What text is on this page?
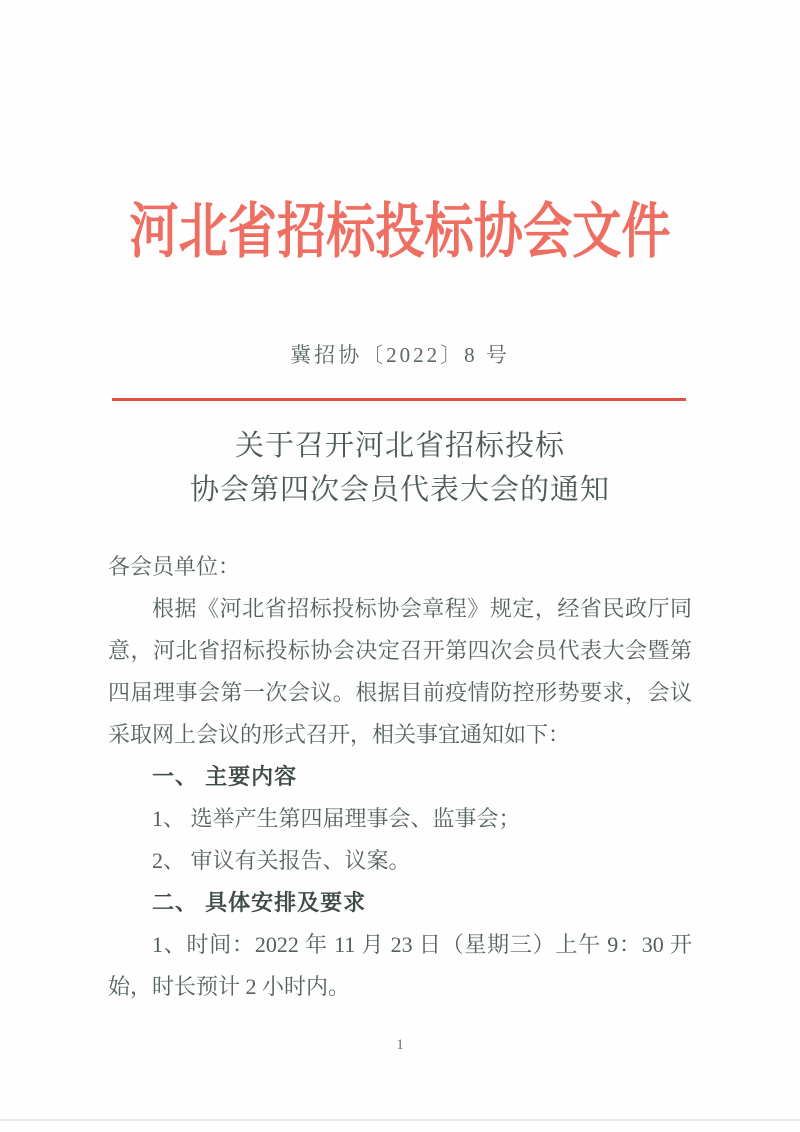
河北省招标投标协会文件
冀招协〔2022〕8 号
关于召开河北省招标投标
协会第四次会员代表大会的通知

各会员单位：

根据《河北省招标投标协会章程》规定，经省民政厅同意，河北省招标投标协会决定召开第四次会员代表大会暨第四届理事会第一次会议。根据目前疫情防控形势要求，会议采取网上会议的形式召开，相关事宜通知如下：

一、 主要内容

1、 选举产生第四届理事会、监事会；

2、 审议有关报告、议案。

二、 具体安排及要求

1、时间：2022 年 11 月 23 日（星期三）上午 9：30 开始，时长预计 2 小时内。

1
